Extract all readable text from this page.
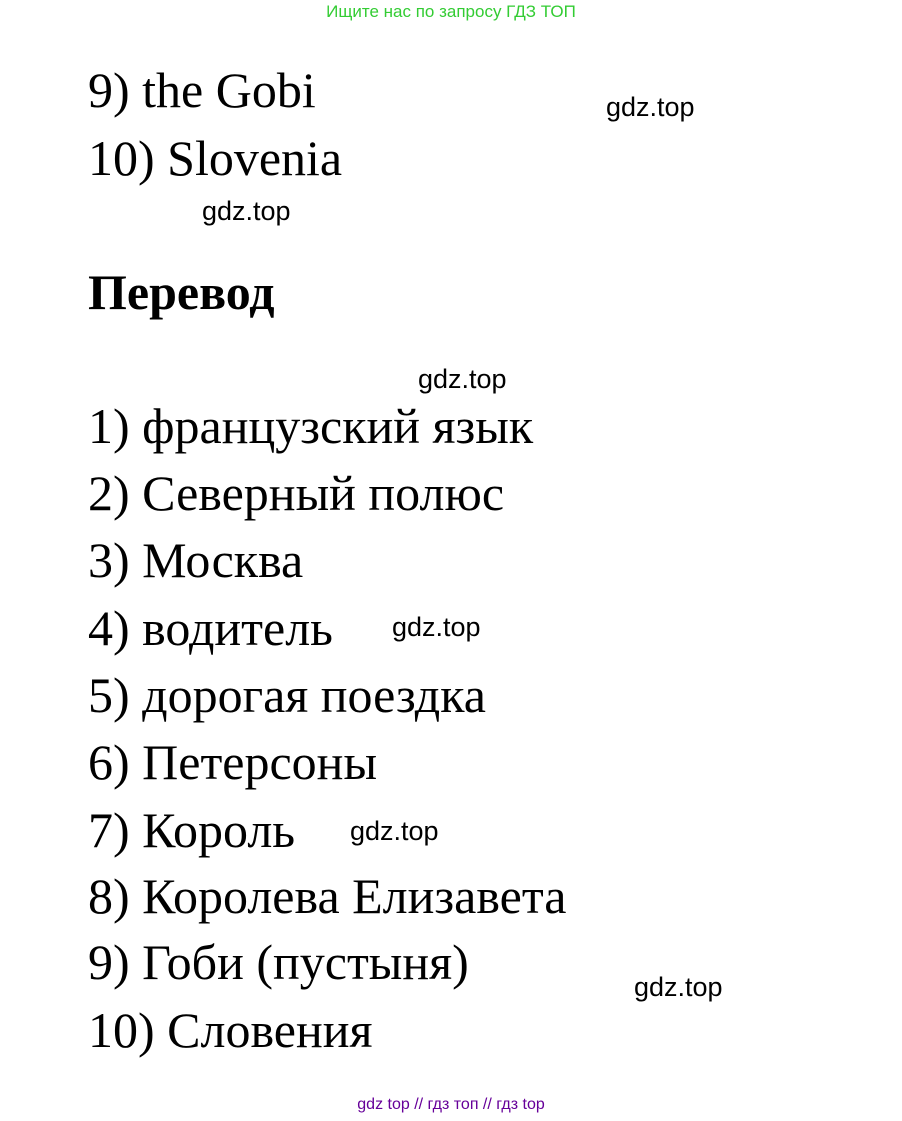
Ищите нас по запросу ГДЗ ТОП
9) the Gobi
10) Slovenia
gdz.top
gdz.top
Перевод
gdz.top
1) французский язык
2) Северный полюс
3) Москва
4) водитель
5) дорогая поездка
6) Петерсоны
7) Король
8) Королева Елизавета
9) Гоби (пустыня)
10) Словения
gdz.top
gdz.top
gdz.top
gdz top // гдз топ // гдз top
